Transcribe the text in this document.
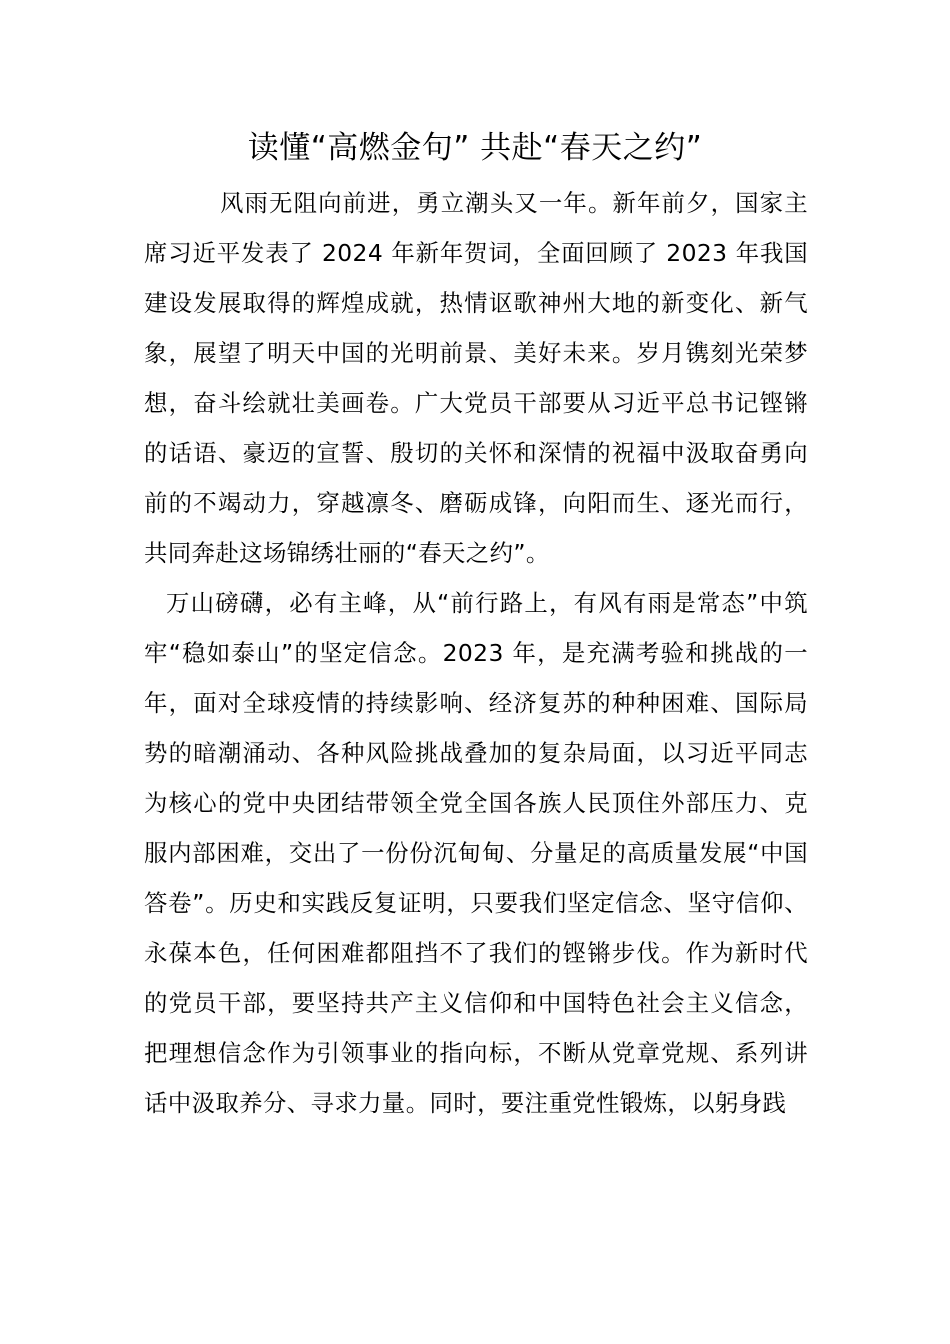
读懂“高燃金句” 共赴“春天之约”

风雨无阻向前进，勇立潮头又一年。新年前夕，国家主席习近平发表了 2024 年新年贺词，全面回顾了 2023 年我国建设发展取得的辉煌成就，热情讴歌神州大地的新变化、新气象，展望了明天中国的光明前景、美好未来。岁月镌刻光荣梦想，奋斗绘就壮美画卷。广大党员干部要从习近平总书记铿锵的话语、豪迈的宣誓、殷切的关怀和深情的祝福中汲取奋勇向前的不竭动力，穿越凛冬、磨砺成锋，向阳而生、逐光而行，共同奔赴这场锦绣壮丽的“春天之约”。

万山磅礴，必有主峰，从“前行路上，有风有雨是常态”中筑牢“稳如泰山”的坚定信念。2023 年，是充满考验和挑战的一年，面对全球疫情的持续影响、经济复苏的种种困难、国际局势的暗潮涌动、各种风险挑战叠加的复杂局面，以习近平同志为核心的党中央团结带领全党全国各族人民顶住外部压力、克服内部困难，交出了一份份沉甸甸、分量足的高质量发展“中国答卷”。历史和实践反复证明，只要我们坚定信念、坚守信仰、永葆本色，任何困难都阻挡不了我们的铿锵步伐。作为新时代的党员干部，要坚持共产主义信仰和中国特色社会主义信念，把理想信念作为引领事业的指向标，不断从党章党规、系列讲话中汲取养分、寻求力量。同时，要注重党性锻炼，以躬身践
